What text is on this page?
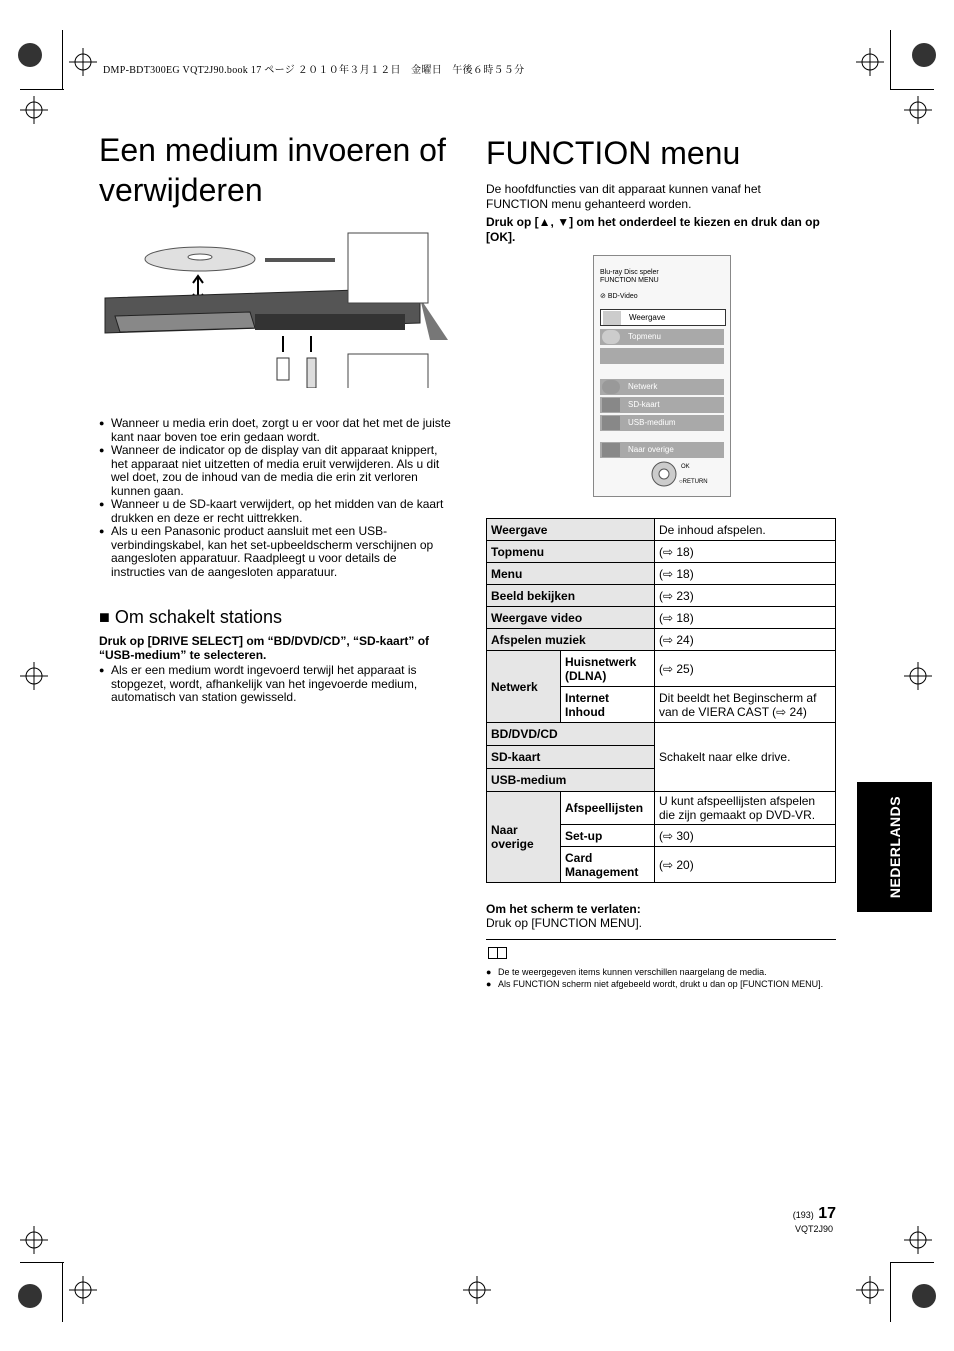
DMP-BDT300EG VQT2J90.book 17 ページ ２０１０年３月１２日　金曜日　午後６時５５分
Een medium invoeren of
verwijderen
● Wanneer u media erin doet, zorgt u er voor dat het met de juiste kant naar boven toe erin gedaan wordt.
● Wanneer de indicator op de display van dit apparaat knippert, het apparaat niet uitzetten of media eruit verwijderen. Als u dit wel doet, zou de inhoud van de media die erin zit verloren kunnen gaan.
● Wanneer u de SD-kaart verwijdert, op het midden van de kaart drukken en deze er recht uittrekken.
● Als u een Panasonic product aansluit met een USB-verbindingskabel, kan het set-upbeeldscherm verschijnen op aangesloten apparatuur. Raadpleegt u voor details de instructies van de aangesloten apparatuur.
■ Om schakelt stations
Druk op [DRIVE SELECT] om “BD/DVD/CD”, “SD-kaart” of “USB-medium” te selecteren.
● Als er een medium wordt ingevoerd terwijl het apparaat is stopgezet, wordt, afhankelijk van het ingevoerde medium, automatisch van station gewisseld.
FUNCTION menu
De hoofdfuncties van dit apparaat kunnen vanaf het FUNCTION menu gehanteerd worden.
Druk op [▲, ▼] om het onderdeel te kiezen en druk dan op [OK].
Blu-ray Disc speler
FUNCTION MENU
⊘ BD-Video
Weergave
Topmenu
Netwerk
SD-kaart
USB-medium
Naar overige
OK
○RETURN
Weergave		De inhoud afspelen.
Topmenu		(⇨ 18)
Menu		(⇨ 18)
Beeld bekijken		(⇨ 23)
Weergave video		(⇨ 18)
Afspelen muziek		(⇨ 24)
Netwerk	Huisnetwerk (DLNA)	(⇨ 25)
	Internet Inhoud	Dit beeldt het Beginscherm af van de VIERA CAST (⇨ 24)
BD/DVD/CD		Schakelt naar elke drive.
SD-kaart		
USB-medium		
Naar overige	Afspeellijsten	U kunt afspeellijsten afspelen die zijn gemaakt op DVD-VR.
	Set-up	(⇨ 30)
	Card Management	(⇨ 20)
Om het scherm te verlaten:
Druk op [FUNCTION MENU].
● De te weergegeven items kunnen verschillen naargelang de media.
● Als FUNCTION scherm niet afgebeeld wordt, drukt u dan op [FUNCTION MENU].
NEDERLANDS
(193) 17
VQT2J90
